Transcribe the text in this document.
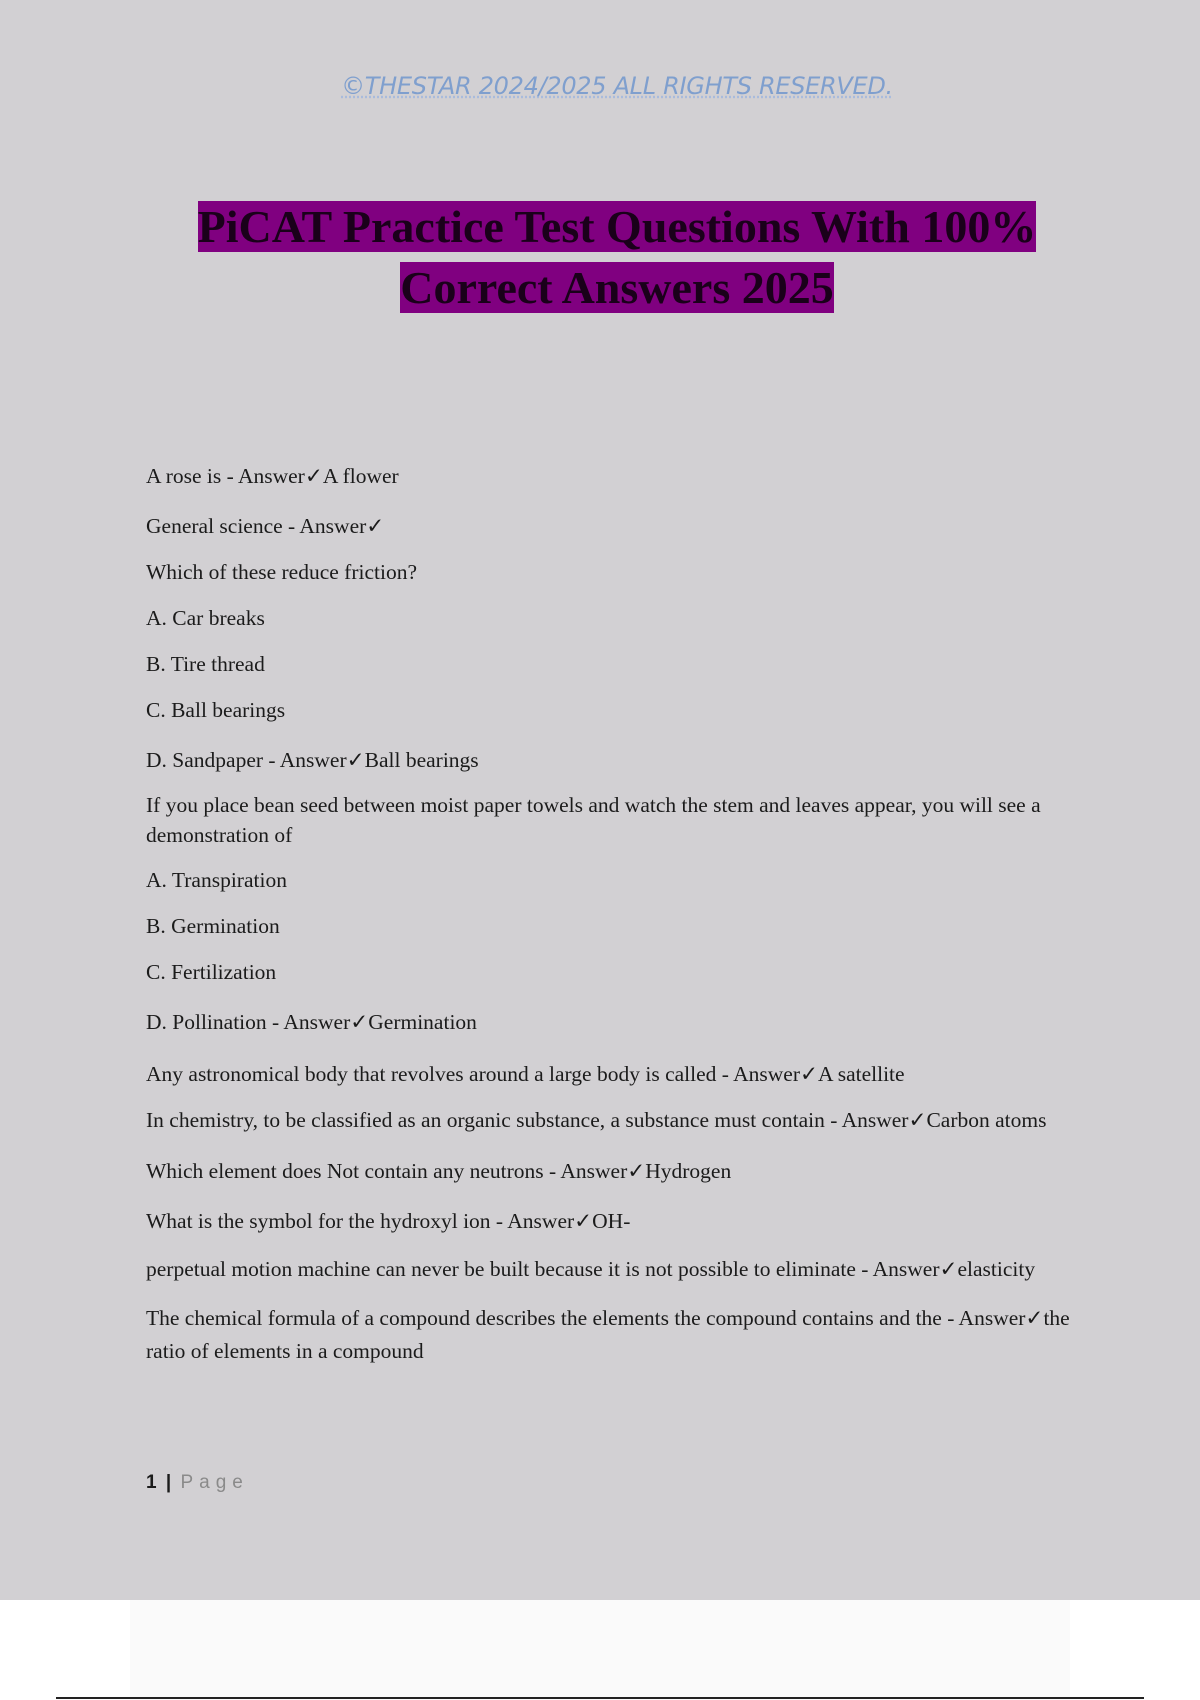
©THESTAR 2024/2025 ALL RIGHTS RESERVED.
PiCAT Practice Test Questions With 100%
Correct Answers 2025

A rose is - Answer✓A flower

General science - Answer✓

Which of these reduce friction?

A. Car breaks

B. Tire thread

C. Ball bearings

D. Sandpaper - Answer✓Ball bearings

If you place bean seed between moist paper towels and watch the stem and leaves appear, you will see a demonstration of

A. Transpiration

B. Germination

C. Fertilization

D. Pollination - Answer✓Germination

Any astronomical body that revolves around a large body is called - Answer✓A satellite

In chemistry, to be classified as an organic substance, a substance must contain - Answer✓Carbon atoms

Which element does Not contain any neutrons - Answer✓Hydrogen

What is the symbol for the hydroxyl ion - Answer✓OH-

perpetual motion machine can never be built because it is not possible to eliminate - Answer✓elasticity

The chemical formula of a compound describes the elements the compound contains and the - Answer✓the ratio of elements in a compound

1 | Page
